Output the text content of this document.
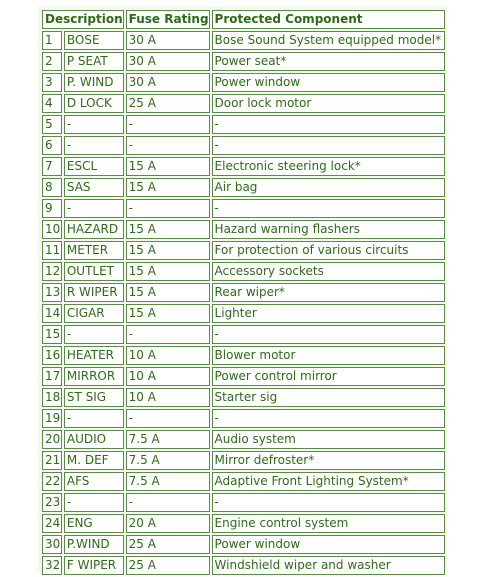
Description		Fuse Rating	Protected Component
1	BOSE	30 A	Bose Sound System equipped model*
2	P SEAT	30 A	Power seat*
3	P. WIND	30 A	Power window
4	D LOCK	25 A	Door lock motor
5	-	-	-
6	-	-	-
7	ESCL	15 A	Electronic steering lock*
8	SAS	15 A	Air bag
9	-	-	-
10	HAZARD	15 A	Hazard warning flashers
11	METER	15 A	For protection of various circuits
12	OUTLET	15 A	Accessory sockets
13	R WIPER	15 A	Rear wiper*
14	CIGAR	15 A	Lighter
15	-	-	-
16	HEATER	10 A	Blower motor
17	MIRROR	10 A	Power control mirror
18	ST SIG	10 A	Starter sig
19	-	-	-
20	AUDIO	7.5 A	Audio system
21	M. DEF	7.5 A	Mirror defroster*
22	AFS	7.5 A	Adaptive Front Lighting System*
23	-	-	-
24	ENG	20 A	Engine control system
30	P.WIND	25 A	Power window
32	F WIPER	25 A	Windshield wiper and washer
